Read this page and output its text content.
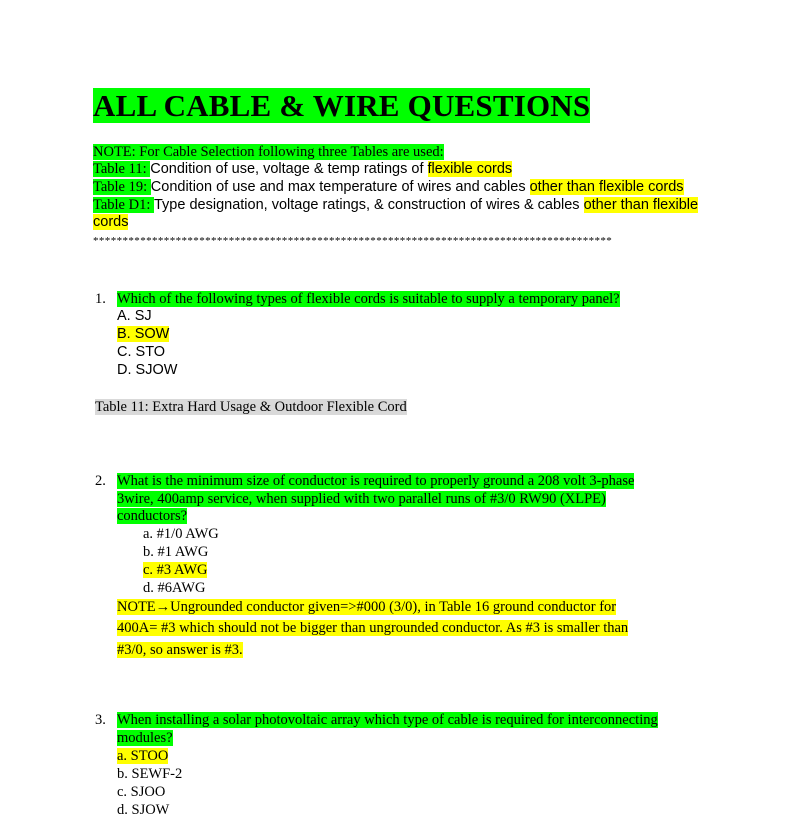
ALL CABLE & WIRE QUESTIONS
NOTE: For Cable Selection following three Tables are used:
Table 11: Condition of use, voltage & temp ratings of flexible cords
Table 19: Condition of use and max temperature of wires and cables other than flexible cords
Table D1: Type designation, voltage ratings, & construction of wires & cables other than flexible
cords
****************************************************************************************
1. Which of the following types of flexible cords is suitable to supply a temporary panel?
A. SJ
B. SOW
C. STO
D. SJOW
Table 11: Extra Hard Usage & Outdoor Flexible Cord
2. What is the minimum size of conductor is required to properly ground a 208 volt 3-phase
3wire, 400amp service, when supplied with two parallel runs of #3/0 RW90 (XLPE)
conductors?
a. #1/0 AWG
b. #1 AWG
c. #3 AWG
d. #6AWG
NOTE→Ungrounded conductor given=>#000 (3/0), in Table 16 ground conductor for
400A= #3 which should not be bigger than ungrounded conductor. As #3 is smaller than
#3/0, so answer is #3.
3. When installing a solar photovoltaic array which type of cable is required for interconnecting
modules?
a. STOO
b. SEWF-2
c. SJOO
d. SJOW
